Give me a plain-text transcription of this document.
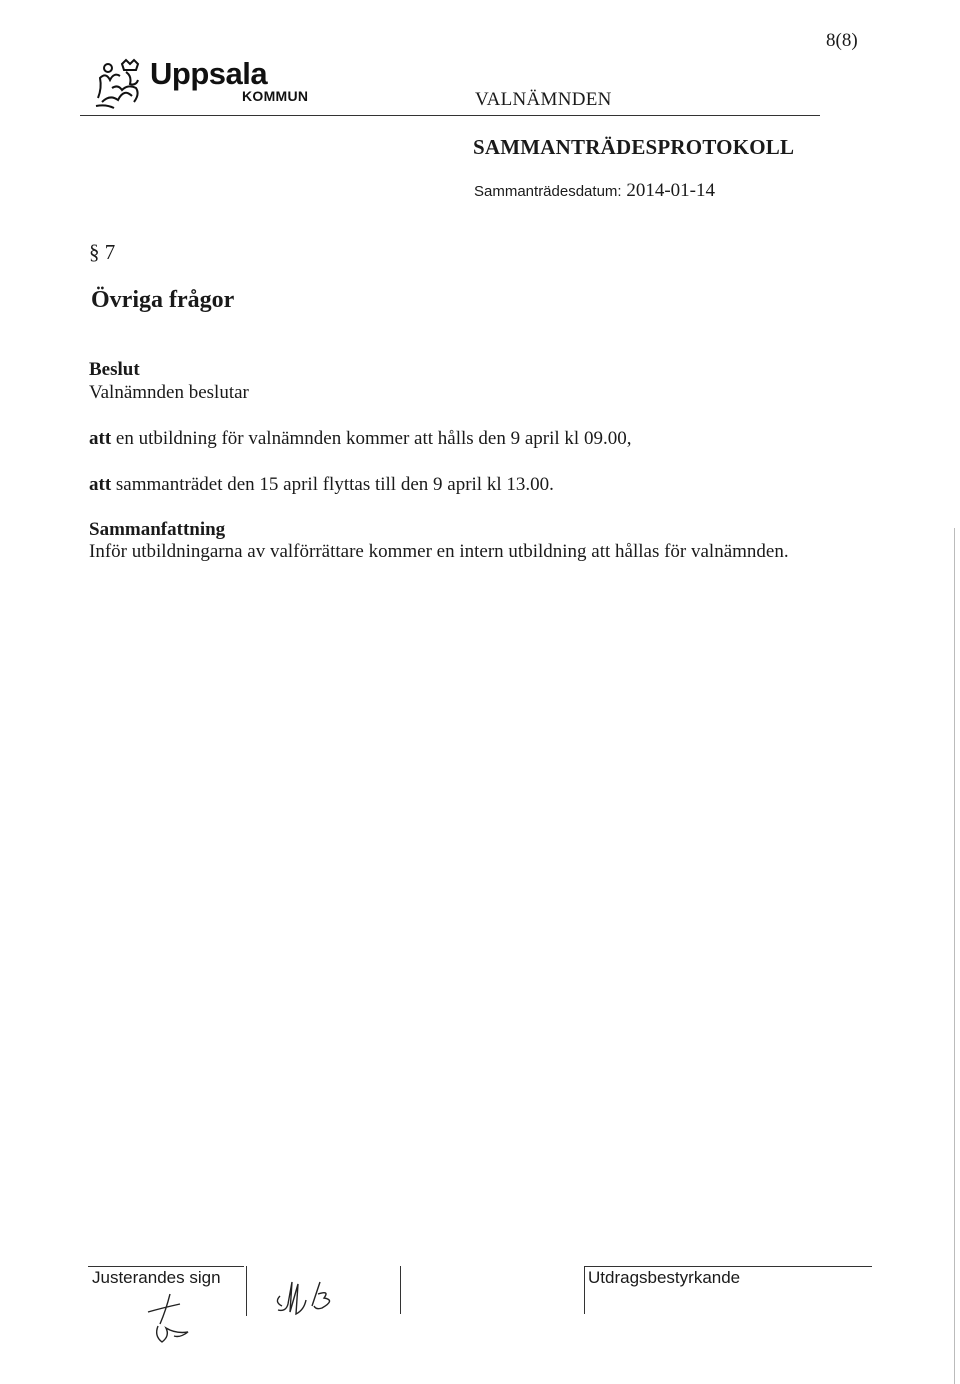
8(8)
Uppsala
KOMMUN	VALNÄMNDEN
SAMMANTRÄDESPROTOKOLL
Sammanträdesdatum: 2014-01-14
§ 7
Övriga frågor
Beslut
Valnämnden beslutar
att en utbildning för valnämnden kommer att hålls den 9 april kl 09.00,
att sammanträdet den 15 april flyttas till den 9 april kl 13.00.
Sammanfattning
Inför utbildningarna av valförrättare kommer en intern utbildning att hållas för valnämnden.
Justerandes sign	Utdragsbestyrkande
